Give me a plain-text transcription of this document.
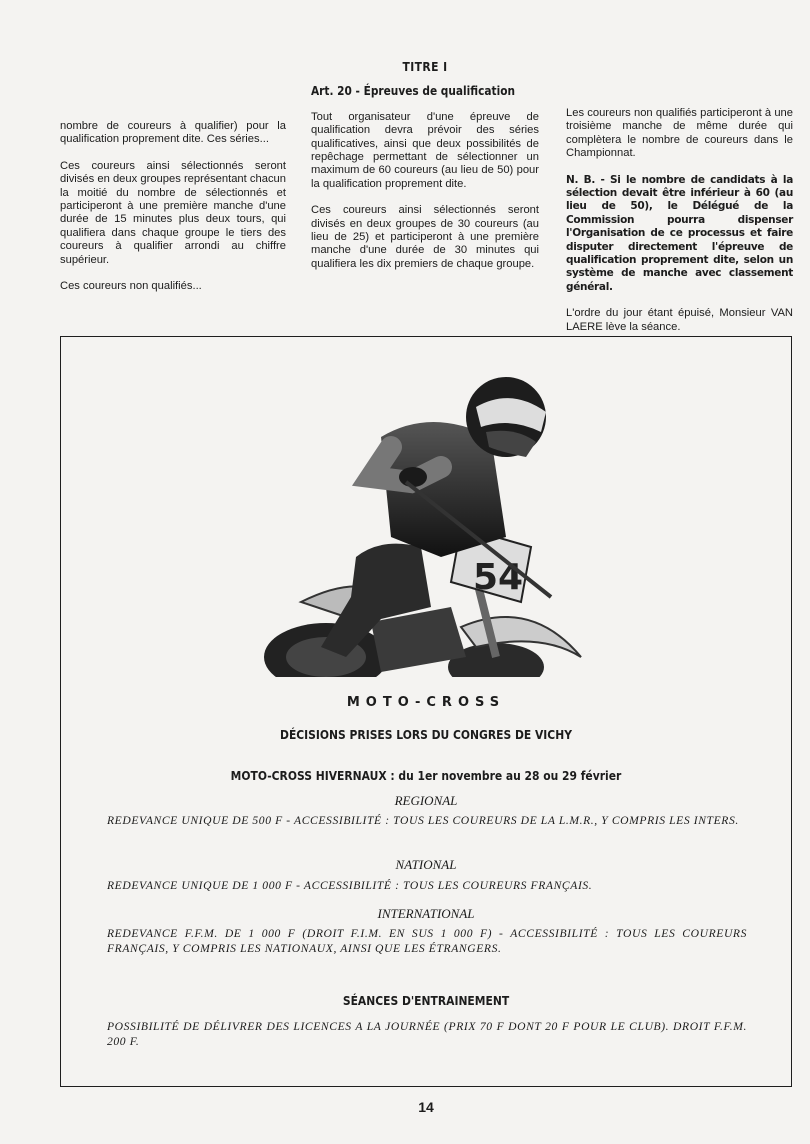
nombre de coureurs à qualifier) pour la qualification proprement dite. Ces séries...

Ces coureurs ainsi sélectionnés seront divisés en deux groupes représentant chacun la moitié du nombre de sélectionnés et participeront à une première manche d'une durée de 15 minutes plus deux tours, qui qualifiera dans chaque groupe le tiers des coureurs à qualifier arrondi au chiffre supérieur.

Ces coureurs non qualifiés...

TITRE I
Art. 20 - Épreuves de qualification

Tout organisateur d'une épreuve de qualification devra prévoir des séries qualificatives, ainsi que deux possibilités de repêchage permettant de sélectionner un maximum de 60 coureurs (au lieu de 50) pour la qualification proprement dite.

Ces coureurs ainsi sélectionnés seront divisés en deux groupes de 30 coureurs (au lieu de 25) et participeront à une première manche d'une durée de 30 minutes qui qualifiera les dix premiers de chaque groupe.

Les coureurs non qualifiés participeront à une troisième manche de même durée qui complètera le nombre de coureurs dans le Championnat.

N. B. - Si le nombre de candidats à la sélection devait être inférieur à 60 (au lieu de 50), le Délégué de la Commission pourra dispenser l'Organisation de ce processus et faire disputer directement l'épreuve de qualification proprement dite, selon un système de manche avec classement général.

L'ordre du jour étant épuisé, Monsieur VAN LAERE lève la séance.

54
MOTO-CROSS
DÉCISIONS PRISES LORS DU CONGRES DE VICHY
MOTO-CROSS HIVERNAUX : du 1er novembre au 28 ou 29 février
REGIONAL
REDEVANCE UNIQUE DE 500 F - ACCESSIBILITÉ : TOUS LES COUREURS DE LA L.M.R., Y COMPRIS LES INTERS.
NATIONAL
REDEVANCE UNIQUE DE 1 000 F - ACCESSIBILITÉ : TOUS LES COUREURS FRANÇAIS.
INTERNATIONAL
REDEVANCE F.F.M. DE 1 000 F (DROIT F.I.M. EN SUS 1 000 F) - ACCESSIBILITÉ : TOUS LES COUREURS FRANÇAIS, Y COMPRIS LES NATIONAUX, AINSI QUE LES ÉTRANGERS.
SÉANCES D'ENTRAINEMENT
POSSIBILITÉ DE DÉLIVRER DES LICENCES A LA JOURNÉE (PRIX 70 F DONT 20 F POUR LE CLUB). DROIT F.F.M. 200 F.
14
